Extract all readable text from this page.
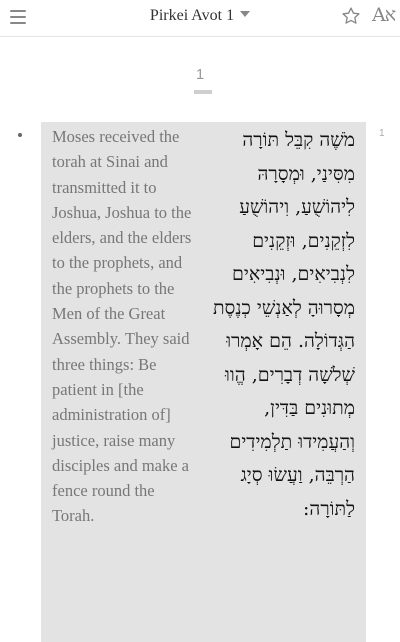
Pirkei Avot 1	Aא
1
Moses received the torah at Sinai and transmitted it to Joshua, Joshua to the elders, and the elders to the prophets, and the prophets to the Men of the Great Assembly. They said three things: Be patient in [the administration of] justice, raise many disciples and make a fence round the Torah.
מֹשֶׁה קִבֵּל תּוֹרָה מִסִּינַי, וּמְסָרָהּ לִיהוֹשֻׁעַ, וִיהוֹשֻׁעַ לִזְקֵנִים, וּזְקֵנִים לִנְבִיאִים, וּנְבִיאִים מְסָרוּהָ לְאַנְשֵׁי כְנֶסֶת הַגְּדוֹלָה. הֵם אָמְרוּ שְׁלֹשָׁה דְבָרִים, הֱווּ מְתוּנִים בַּדִּין, וְהַעֲמִידוּ תַלְמִידִים הַרְבֵּה, וַעֲשׂוּ סְיָג לַתּוֹרָה:
1
